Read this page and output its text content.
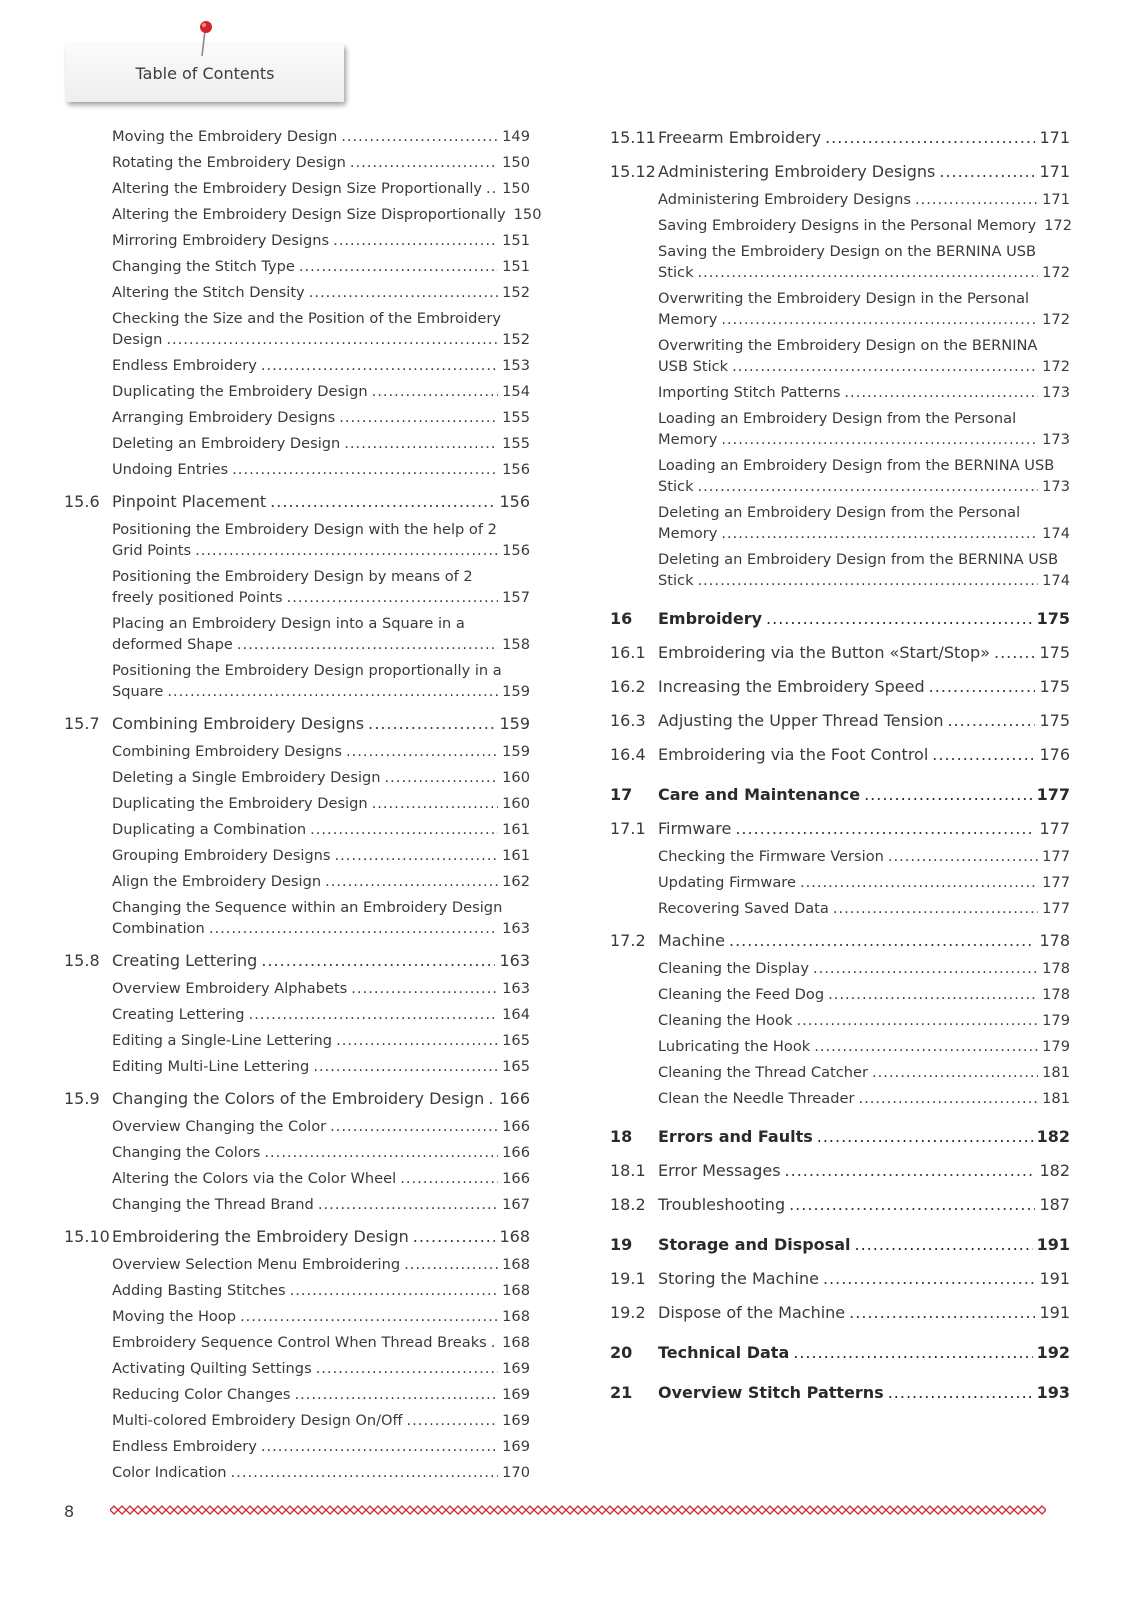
Table of Contents
Moving the Embroidery Design .....	149
Rotating the Embroidery Design .....	150
Altering the Embroidery Design Size Proportionally ..... 150
Altering the Embroidery Design Size Disproportionally 150
Mirroring Embroidery Designs .....	151
Changing the Stitch Type .....	151
Altering the Stitch Density .....	152
Checking the Size and the Position of the Embroidery
Design .....	152
Endless Embroidery .....	153
Duplicating the Embroidery Design .....	154
Arranging Embroidery Designs .....	155
Deleting an Embroidery Design .....	155
Undoing Entries .....	156
15.6 Pinpoint Placement .....	156
Positioning the Embroidery Design with the help of 2
Grid Points .....	156
Positioning the Embroidery Design by means of 2
freely positioned Points .....	157
Placing an Embroidery Design into a Square in a
deformed Shape .....	158
Positioning the Embroidery Design proportionally in a
Square .....	159
15.7 Combining Embroidery Designs .....	159
Combining Embroidery Designs .....	159
Deleting a Single Embroidery Design .....	160
Duplicating the Embroidery Design .....	160
Duplicating a Combination .....	161
Grouping Embroidery Designs .....	161
Align the Embroidery Design .....	162
Changing the Sequence within an Embroidery Design
Combination .....	163
15.8 Creating Lettering .....	163
Overview Embroidery Alphabets .....	163
Creating Lettering .....	164
Editing a Single-Line Lettering .....	165
Editing Multi-Line Lettering .....	165
15.9 Changing the Colors of the Embroidery Design ..... 166
Overview Changing the Color .....	166
Changing the Colors .....	166
Altering the Colors via the Color Wheel .....	166
Changing the Thread Brand .....	167
15.10 Embroidering the Embroidery Design .....	168
Overview Selection Menu Embroidering .....	168
Adding Basting Stitches .....	168
Moving the Hoop .....	168
Embroidery Sequence Control When Thread Breaks ..... 168
Activating Quilting Settings .....	169
Reducing Color Changes .....	169
Multi-colored Embroidery Design On/Off .....	169
Endless Embroidery .....	169
Color Indication .....	170
15.11 Freearm Embroidery .....	171
15.12 Administering Embroidery Designs .....	171
Administering Embroidery Designs .....	171
Saving Embroidery Designs in the Personal Memory 172
Saving the Embroidery Design on the BERNINA USB
Stick .....	172
Overwriting the Embroidery Design in the Personal
Memory .....	172
Overwriting the Embroidery Design on the BERNINA
USB Stick .....	172
Importing Stitch Patterns .....	173
Loading an Embroidery Design from the Personal
Memory .....	173
Loading an Embroidery Design from the BERNINA USB
Stick .....	173
Deleting an Embroidery Design from the Personal
Memory .....	174
Deleting an Embroidery Design from the BERNINA USB
Stick .....	174
16	Embroidery .....	175
16.1 Embroidering via the Button «Start/Stop» .....	175
16.2 Increasing the Embroidery Speed .....	175
16.3 Adjusting the Upper Thread Tension .....	175
16.4 Embroidering via the Foot Control .....	176
17	Care and Maintenance .....	177
17.1 Firmware .....	177
Checking the Firmware Version .....	177
Updating Firmware .....	177
Recovering Saved Data .....	177
17.2 Machine .....	178
Cleaning the Display .....	178
Cleaning the Feed Dog .....	178
Cleaning the Hook .....	179
Lubricating the Hook .....	179
Cleaning the Thread Catcher .....	181
Clean the Needle Threader .....	181
18	Errors and Faults .....	182
18.1 Error Messages .....	182
18.2 Troubleshooting .....	187
19	Storage and Disposal .....	191
19.1 Storing the Machine .....	191
19.2 Dispose of the Machine .....	191
20	Technical Data .....	192
21	Overview Stitch Patterns .....	193
8
